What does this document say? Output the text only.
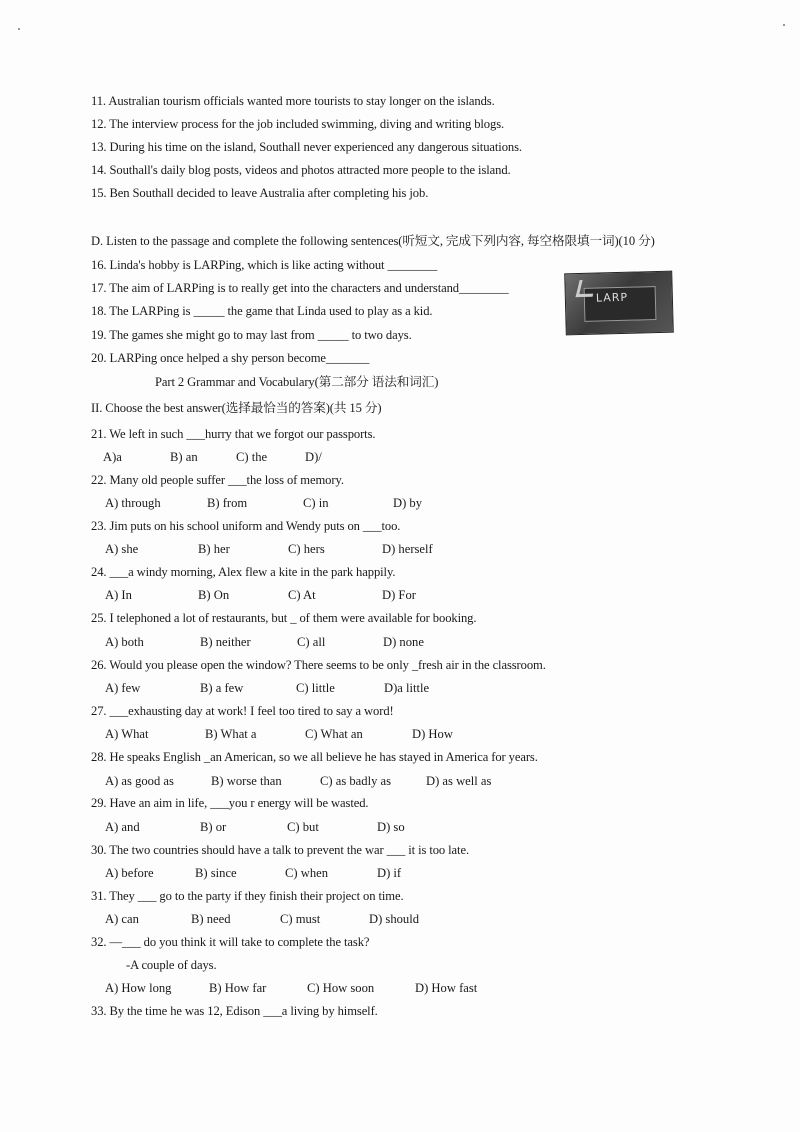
11. Australian tourism officials wanted more tourists to stay longer on the islands.
12. The interview process for the job included swimming, diving and writing blogs.
13. During his time on the island, Southall never experienced any dangerous situations.
14. Southall's daily blog posts, videos and photos attracted more people to the island.
15. Ben Southall decided to leave Australia after completing his job.
D. Listen to the passage and complete the following sentences(听短文, 完成下列内容, 每空格限填一词)(10 分)
16. Linda's hobby is LARPing, which is like acting without ________
17. The aim of LARPing is to really get into the characters and understand________
18. The LARPing is _____ the game that Linda used to play as a kid.
19. The games she might go to may last from _____ to two days.
20. LARPing once helped a shy person become_______
LARP
Part 2 Grammar and Vocabulary(第二部分 语法和词汇)
II. Choose the best answer(选择最恰当的答案)(共 15 分)
21. We left in such ___hurry that we forgot our passports.
A)a	B) an	C) the	D)/
22. Many old people suffer ___the loss of memory.
A) through	B) from	C) in	D) by
23. Jim puts on his school uniform and Wendy puts on ___too.
A) she	B) her	C) hers	D) herself
24. ___a windy morning, Alex flew a kite in the park happily.
A) In	B) On	C) At	D) For
25. I telephoned a lot of restaurants, but _ of them were available for booking.
A) both	B) neither	C) all	D) none
26. Would you please open the window? There seems to be only _fresh air in the classroom.
A) few	B) a few	C) little	D)a little
27. ___exhausting day at work! I feel too tired to say a word!
A) What	B) What a	C) What an	D) How
28. He speaks English _an American, so we all believe he has stayed in America for years.
A) as good as	B) worse than	C) as badly as	D) as well as
29. Have an aim in life, ___you r energy will be wasted.
A) and	B) or	C) but	D) so
30. The two countries should have a talk to prevent the war ___ it is too late.
A) before	B) since	C) when	D) if
31. They ___ go to the party if they finish their project on time.
A) can	B) need	C) must	D) should
32. —___ do you think it will take to complete the task?
-A couple of days.
A) How long	B) How far	C) How soon	D) How fast
33. By the time he was 12, Edison ___a living by himself.
